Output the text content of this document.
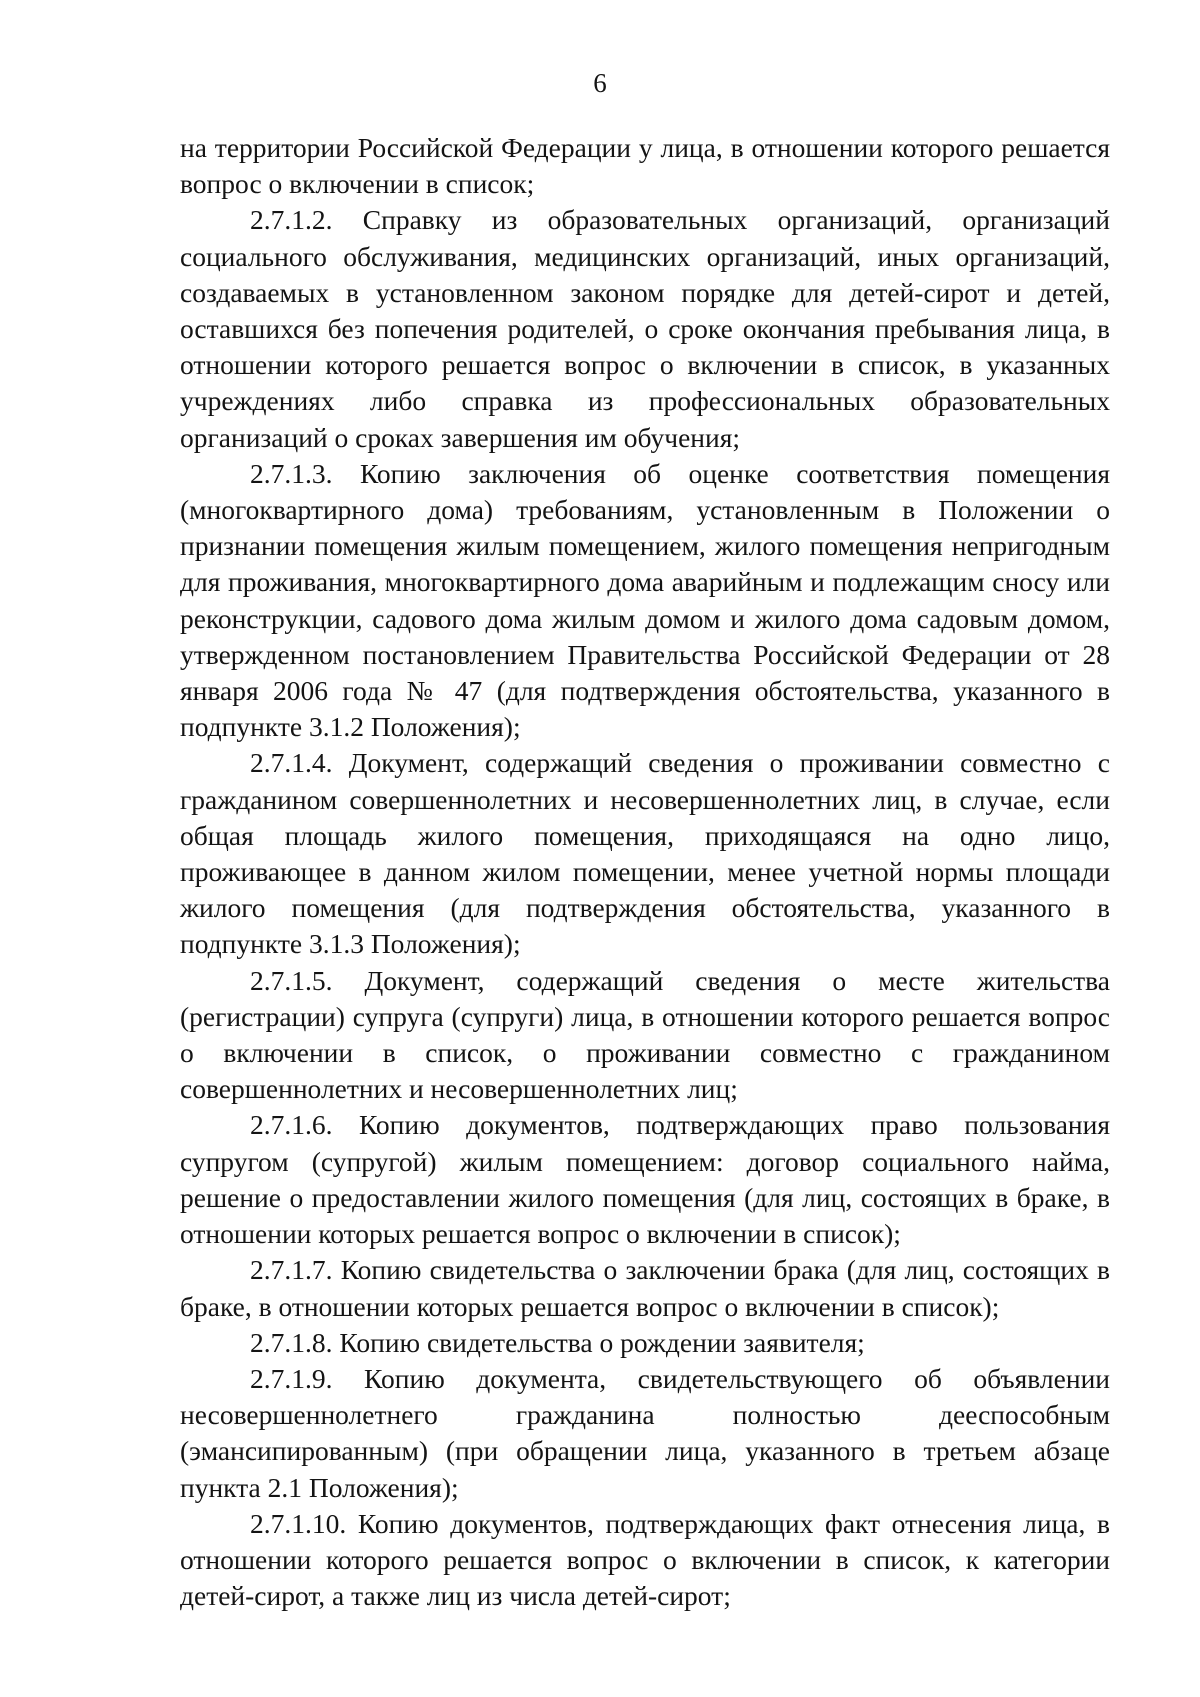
6

на территории Российской Федерации у лица, в отношении которого решается вопрос о включении в список;

2.7.1.2. Справку из образовательных организаций, организаций социального обслуживания, медицинских организаций, иных организаций, создаваемых в установленном законом порядке для детей-сирот и детей, оставшихся без попечения родителей, о сроке окончания пребывания лица, в отношении которого решается вопрос о включении в список, в указанных учреждениях либо справка из профессиональных образовательных организаций о сроках завершения им обучения;

2.7.1.3. Копию заключения об оценке соответствия помещения (многоквартирного дома) требованиям, установленным в Положении о признании помещения жилым помещением, жилого помещения непригодным для проживания, многоквартирного дома аварийным и подлежащим сносу или реконструкции, садового дома жилым домом и жилого дома садовым домом, утвержденном постановлением Правительства Российской Федерации от 28 января 2006 года № 47 (для подтверждения обстоятельства, указанного в подпункте 3.1.2 Положения);

2.7.1.4. Документ, содержащий сведения о проживании совместно с гражданином совершеннолетних и несовершеннолетних лиц, в случае, если общая площадь жилого помещения, приходящаяся на одно лицо, проживающее в данном жилом помещении, менее учетной нормы площади жилого помещения (для подтверждения обстоятельства, указанного в подпункте 3.1.3 Положения);

2.7.1.5. Документ, содержащий сведения о месте жительства (регистрации) супруга (супруги) лица, в отношении которого решается вопрос о включении в список, о проживании совместно с гражданином совершеннолетних и несовершеннолетних лиц;

2.7.1.6. Копию документов, подтверждающих право пользования супругом (супругой) жилым помещением: договор социального найма, решение о предоставлении жилого помещения (для лиц, состоящих в браке, в отношении которых решается вопрос о включении в список);

2.7.1.7. Копию свидетельства о заключении брака (для лиц, состоящих в браке, в отношении которых решается вопрос о включении в список);

2.7.1.8. Копию свидетельства о рождении заявителя;

2.7.1.9. Копию документа, свидетельствующего об объявлении несовершеннолетнего гражданина полностью дееспособным (эмансипированным) (при обращении лица, указанного в третьем абзаце пункта 2.1 Положения);

2.7.1.10. Копию документов, подтверждающих факт отнесения лица, в отношении которого решается вопрос о включении в список, к категории детей-сирот, а также лиц из числа детей-сирот;
